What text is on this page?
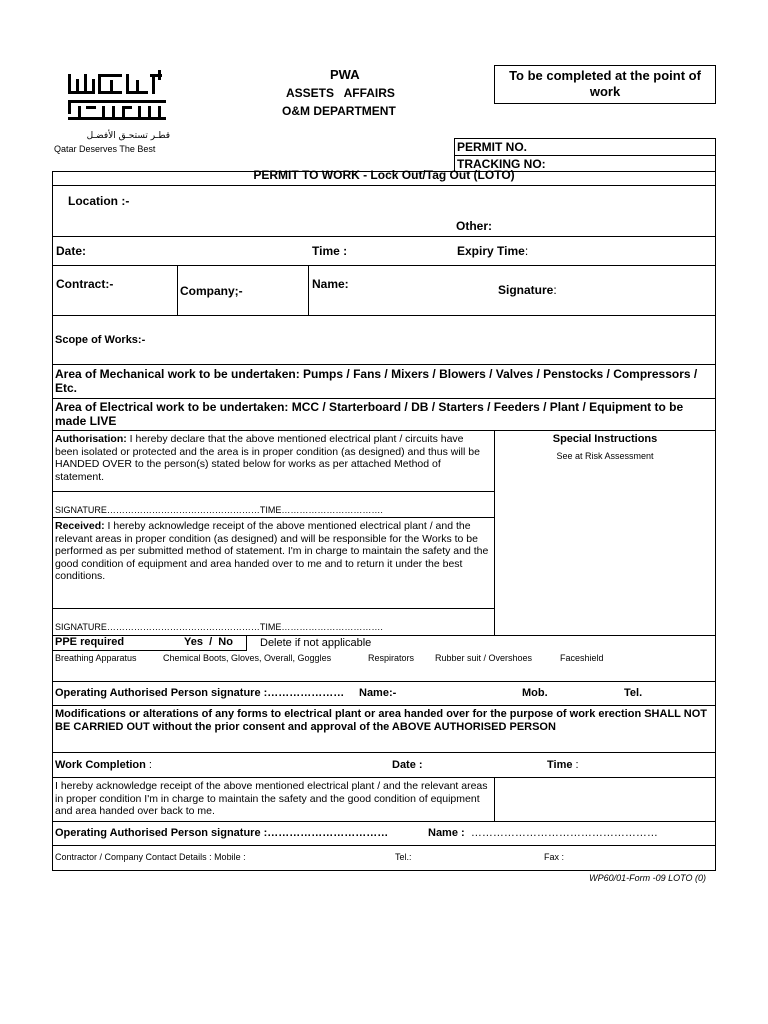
قطـر تستحـق الأفضـل
Qatar Deserves The Best
PWA
ASSETS   AFFAIRS
O&M DEPARTMENT
To be completed at the point of work
PERMIT NO.
TRACKING NO:
PERMIT TO WORK - Lock Out/Tag Out (LOTO)
Location :-
Other:
Date:	Time :	Expiry Time:
Contract:-	Company;-	Name:	Signature:
Scope of Works:-
Area of Mechanical work to be undertaken: Pumps / Fans / Mixers / Blowers / Valves / Penstocks / Compressors / Etc.
Area of Electrical work to be undertaken: MCC / Starterboard / DB / Starters / Feeders / Plant / Equipment to be made LIVE
Authorisation: I hereby declare that the above mentioned electrical plant / circuits have been isolated or protected and the area is in proper condition (as designed) and thus will be HANDED OVER to the person(s) stated below for works as per attached Method of statement.
SIGNATURE……………………………………………TIME…………………………….
Received: I hereby acknowledge receipt of the above mentioned electrical plant / and the relevant areas in proper condition (as designed) and will be responsible for the Works to be performed as per submitted method of statement. I'm in charge to maintain the safety and the good condition of equipment and area handed over to me and to return it under the best conditions.
SIGNATURE……………………………………………TIME…………………………….
Special Instructions
See at Risk Assessment
PPE required	Yes  /  No Delete if not applicable
Breathing Apparatus	Chemical Boots, Gloves, Overall, Goggles	Respirators Rubber suit / Overshoes	Faceshield
Operating Authorised Person signature :………………… Name:-	Mob.	Tel.
Modifications or alterations of any forms to electrical plant or area handed over for the purpose of work erection SHALL NOT BE CARRIED OUT without the prior consent and approval of the ABOVE AUTHORISED PERSON
Work Completion :	Date :	Time :
I hereby acknowledge receipt of the above mentioned electrical plant / and the relevant areas in proper condition I'm in charge to maintain the safety and the good condition of equipment and area handed over back to me.
Operating Authorised Person signature :……………………………	Name : ……………………………………………
Contractor / Company Contact Details : Mobile :	Tel.:	Fax :
WP60/01-Form -09 LOTO (0)
